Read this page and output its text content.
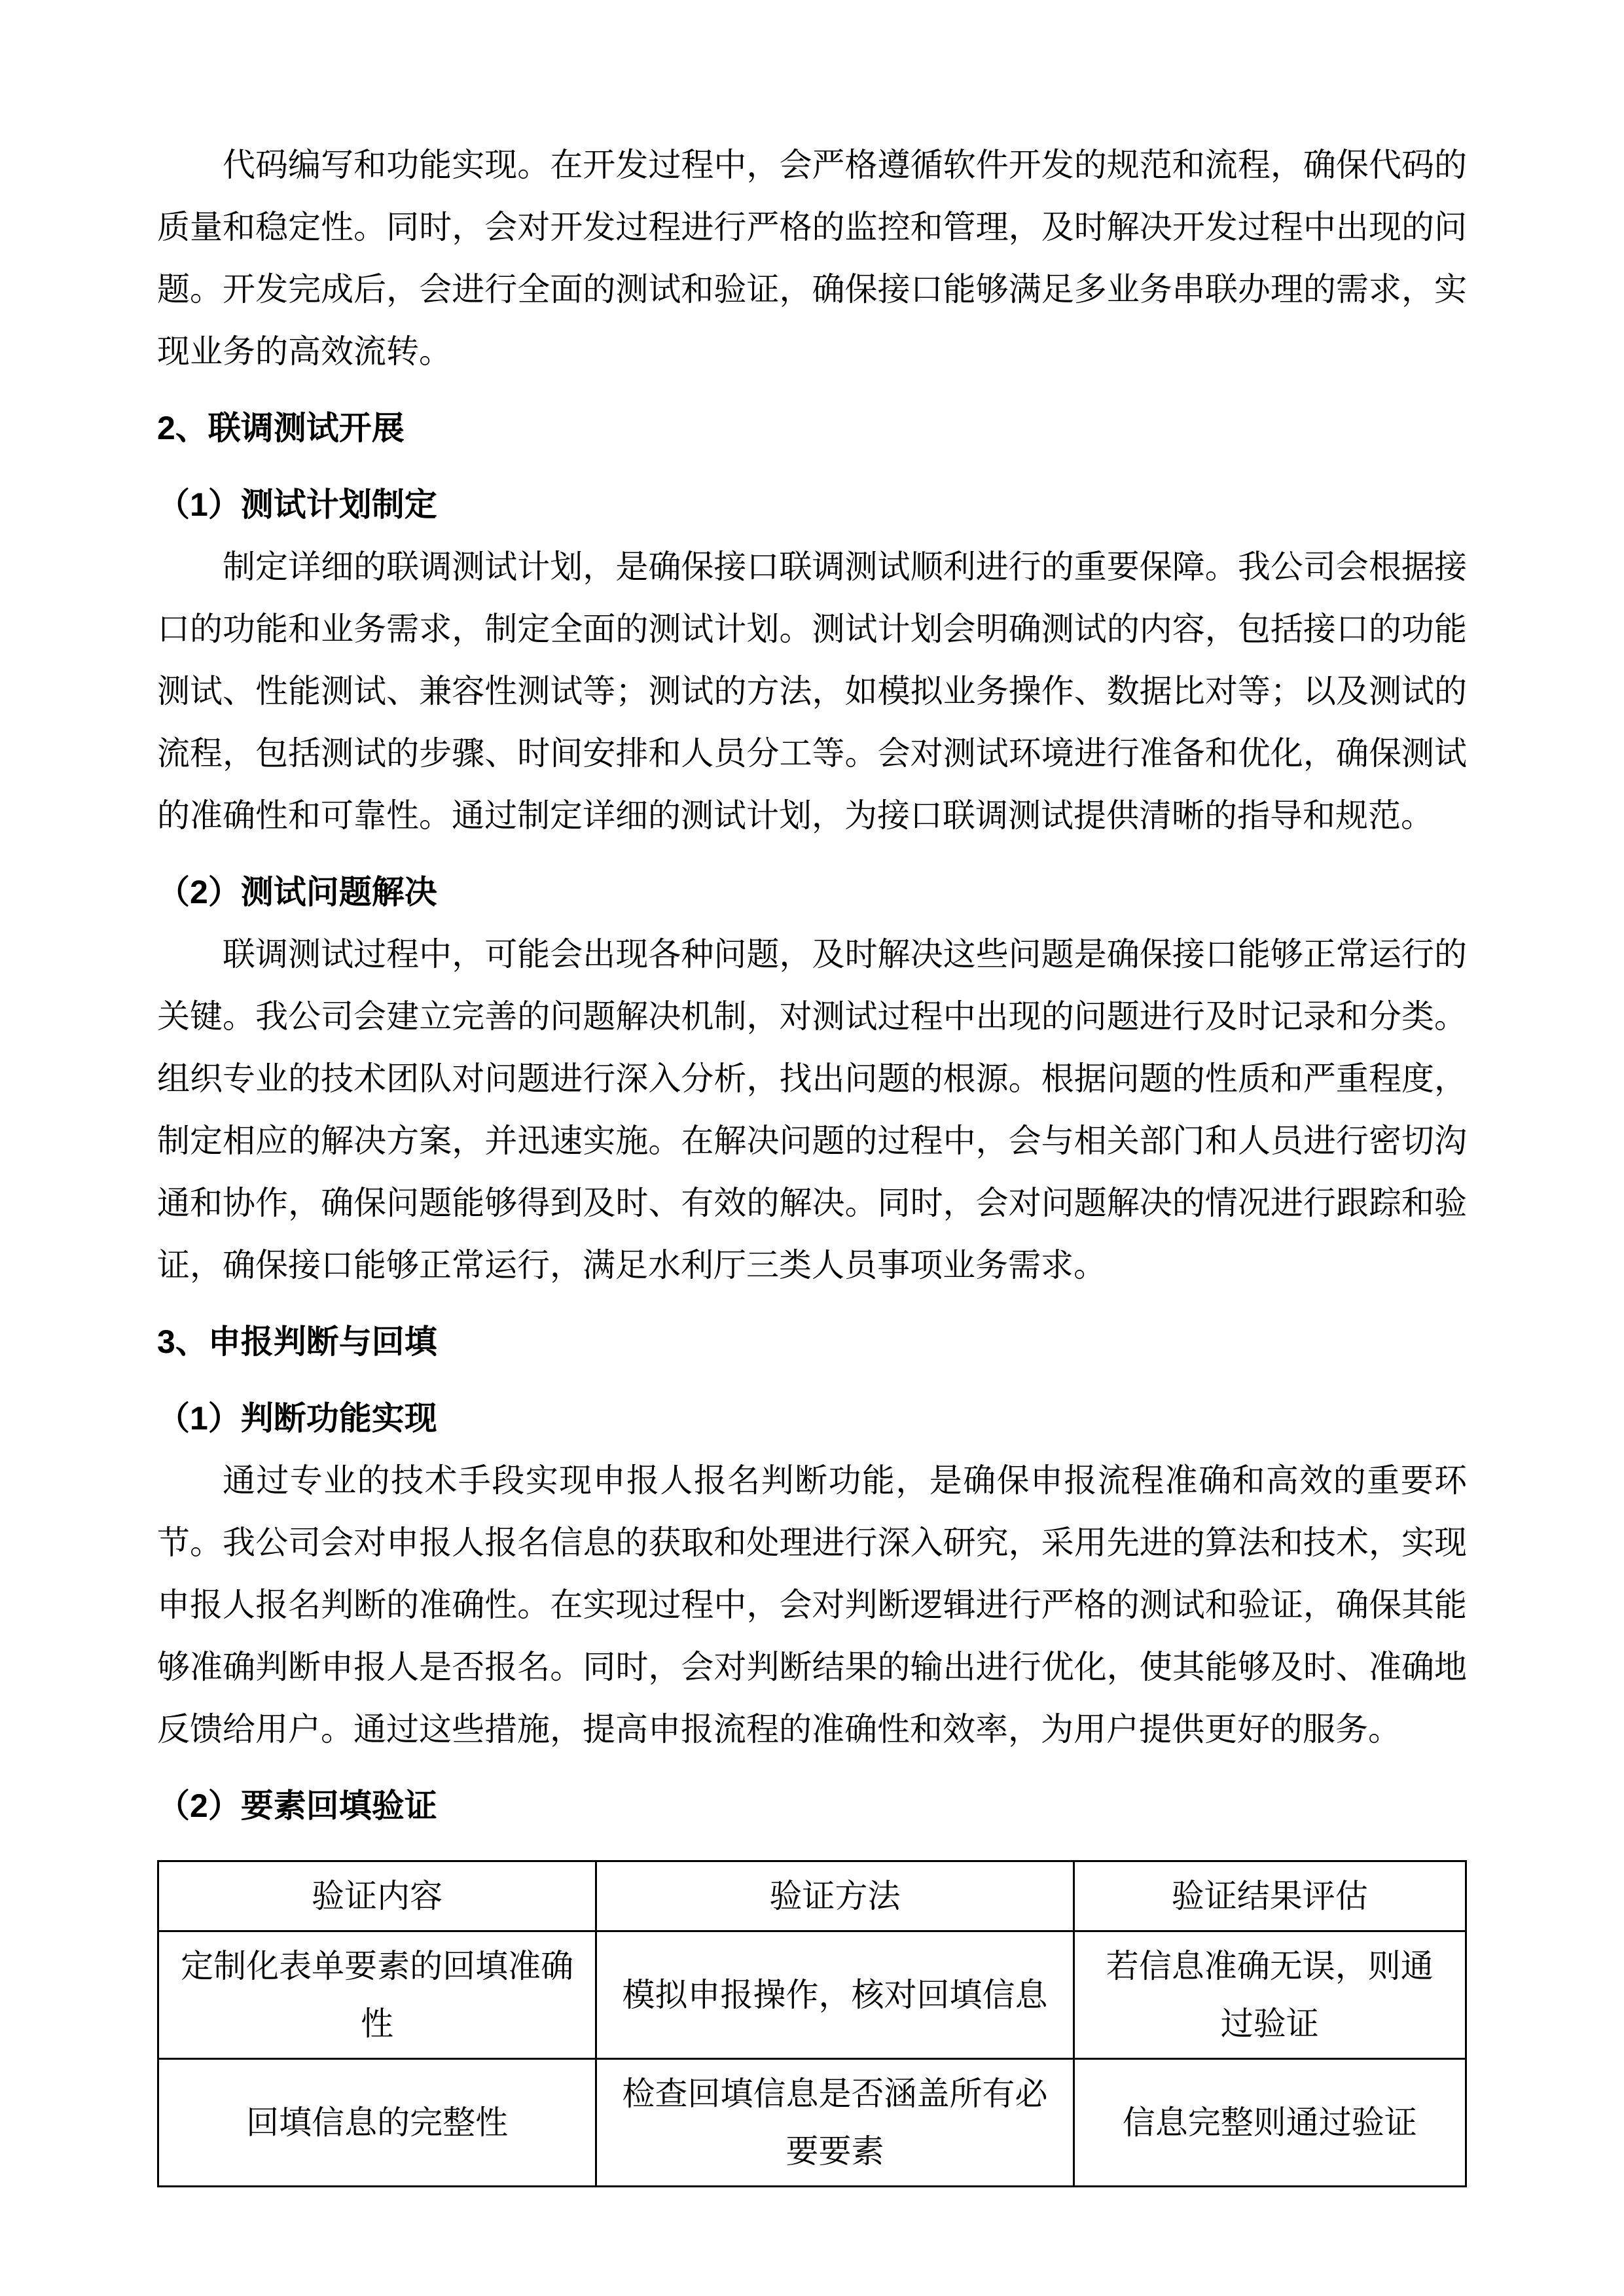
代码编写和功能实现。在开发过程中，会严格遵循软件开发的规范和流程，确保代码的质量和稳定性。同时，会对开发过程进行严格的监控和管理，及时解决开发过程中出现的问题。开发完成后，会进行全面的测试和验证，确保接口能够满足多业务串联办理的需求，实现业务的高效流转。

2、联调测试开展

（1）测试计划制定

制定详细的联调测试计划，是确保接口联调测试顺利进行的重要保障。我公司会根据接口的功能和业务需求，制定全面的测试计划。测试计划会明确测试的内容，包括接口的功能测试、性能测试、兼容性测试等；测试的方法，如模拟业务操作、数据比对等；以及测试的流程，包括测试的步骤、时间安排和人员分工等。会对测试环境进行准备和优化，确保测试的准确性和可靠性。通过制定详细的测试计划，为接口联调测试提供清晰的指导和规范。

（2）测试问题解决

联调测试过程中，可能会出现各种问题，及时解决这些问题是确保接口能够正常运行的关键。我公司会建立完善的问题解决机制，对测试过程中出现的问题进行及时记录和分类。组织专业的技术团队对问题进行深入分析，找出问题的根源。根据问题的性质和严重程度，制定相应的解决方案，并迅速实施。在解决问题的过程中，会与相关部门和人员进行密切沟通和协作，确保问题能够得到及时、有效的解决。同时，会对问题解决的情况进行跟踪和验证，确保接口能够正常运行，满足水利厅三类人员事项业务需求。

3、申报判断与回填

（1）判断功能实现

通过专业的技术手段实现申报人报名判断功能，是确保申报流程准确和高效的重要环节。我公司会对申报人报名信息的获取和处理进行深入研究，采用先进的算法和技术，实现申报人报名判断的准确性。在实现过程中，会对判断逻辑进行严格的测试和验证，确保其能够准确判断申报人是否报名。同时，会对判断结果的输出进行优化，使其能够及时、准确地反馈给用户。通过这些措施，提高申报流程的准确性和效率，为用户提供更好的服务。

（2）要素回填验证

验证内容	验证方法	验证结果评估
定制化表单要素的回填准确性	模拟申报操作，核对回填信息	若信息准确无误，则通过验证
回填信息的完整性	检查回填信息是否涵盖所有必要要素	信息完整则通过验证
